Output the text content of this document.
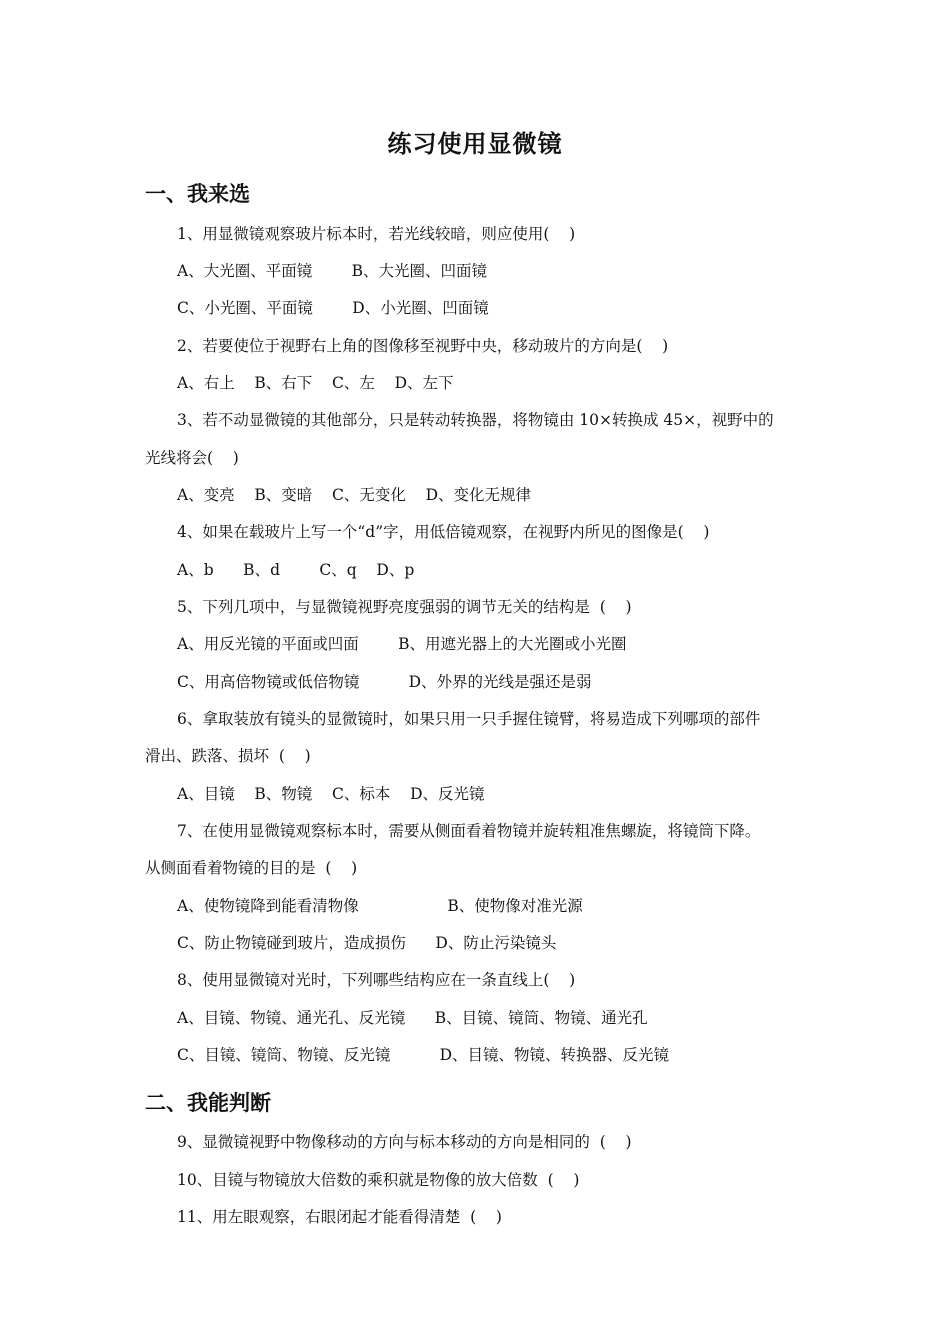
练习使用显微镜
一、我来选
1、用显微镜观察玻片标本时，若光线较暗，则应使用(    )
A、大光圈、平面镜        B、大光圈、凹面镜
C、小光圈、平面镜        D、小光圈、凹面镜
2、若要使位于视野右上角的图像移至视野中央，移动玻片的方向是(    )
A、右上    B、右下    C、左    D、左下
3、若不动显微镜的其他部分，只是转动转换器，将物镜由 10×转换成 45×，视野中的
光线将会(    )
A、变亮    B、变暗    C、无变化    D、变化无规律
4、如果在载玻片上写一个“d”字，用低倍镜观察，在视野内所见的图像是(    )
A、b      B、d        C、q    D、p
5、下列几项中，与显微镜视野亮度强弱的调节无关的结构是  (    )
A、用反光镜的平面或凹面        B、用遮光器上的大光圈或小光圈
C、用高倍物镜或低倍物镜          D、外界的光线是强还是弱
6、拿取装放有镜头的显微镜时，如果只用一只手握住镜臂，将易造成下列哪项的部件
滑出、跌落、损坏  (    )
A、目镜    B、物镜    C、标本    D、反光镜
7、在使用显微镜观察标本时，需要从侧面看着物镜并旋转粗准焦螺旋，将镜筒下降。
从侧面看着物镜的目的是  (    )
A、使物镜降到能看清物像                  B、使物像对准光源
C、防止物镜碰到玻片，造成损伤      D、防止污染镜头
8、使用显微镜对光时，下列哪些结构应在一条直线上(    )
A、目镜、物镜、通光孔、反光镜      B、目镜、镜筒、物镜、通光孔
C、目镜、镜筒、物镜、反光镜          D、目镜、物镜、转换器、反光镜
二、我能判断
9、显微镜视野中物像移动的方向与标本移动的方向是相同的  (    )
10、目镜与物镜放大倍数的乘积就是物像的放大倍数  (    )
11、用左眼观察，右眼闭起才能看得清楚  (    )
